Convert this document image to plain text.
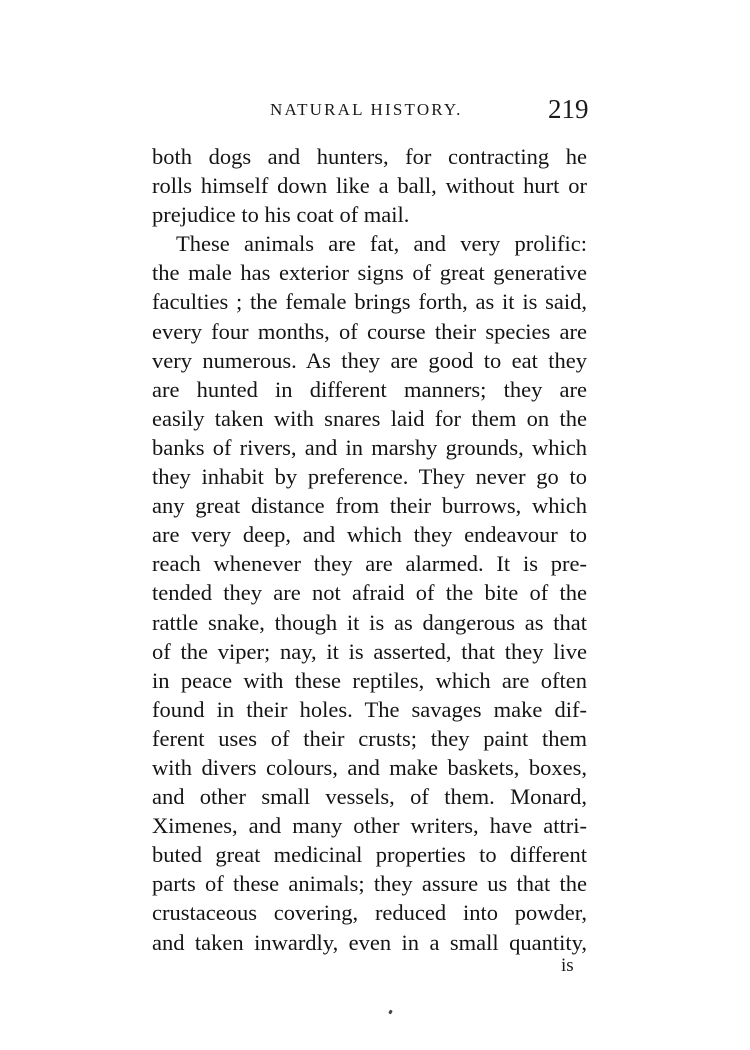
NATURAL HISTORY.	219
both dogs and hunters, for contracting he
rolls himself down like a ball, without hurt or
prejudice to his coat of mail.
These animals are fat, and very prolific:
the male has exterior signs of great generative
faculties ; the female brings forth, as it is said,
every four months, of course their species are
very numerous. As they are good to eat they
are hunted in different manners; they are
easily taken with snares laid for them on the
banks of rivers, and in marshy grounds, which
they inhabit by preference. They never go to
any great distance from their burrows, which
are very deep, and which they endeavour to
reach whenever they are alarmed. It is pre-
tended they are not afraid of the bite of the
rattle snake, though it is as dangerous as that
of the viper; nay, it is asserted, that they live
in peace with these reptiles, which are often
found in their holes. The savages make dif-
ferent uses of their crusts; they paint them
with divers colours, and make baskets, boxes,
and other small vessels, of them. Monard,
Ximenes, and many other writers, have attri-
buted great medicinal properties to different
parts of these animals; they assure us that the
crustaceous covering, reduced into powder,
and taken inwardly, even in a small quantity,
is
